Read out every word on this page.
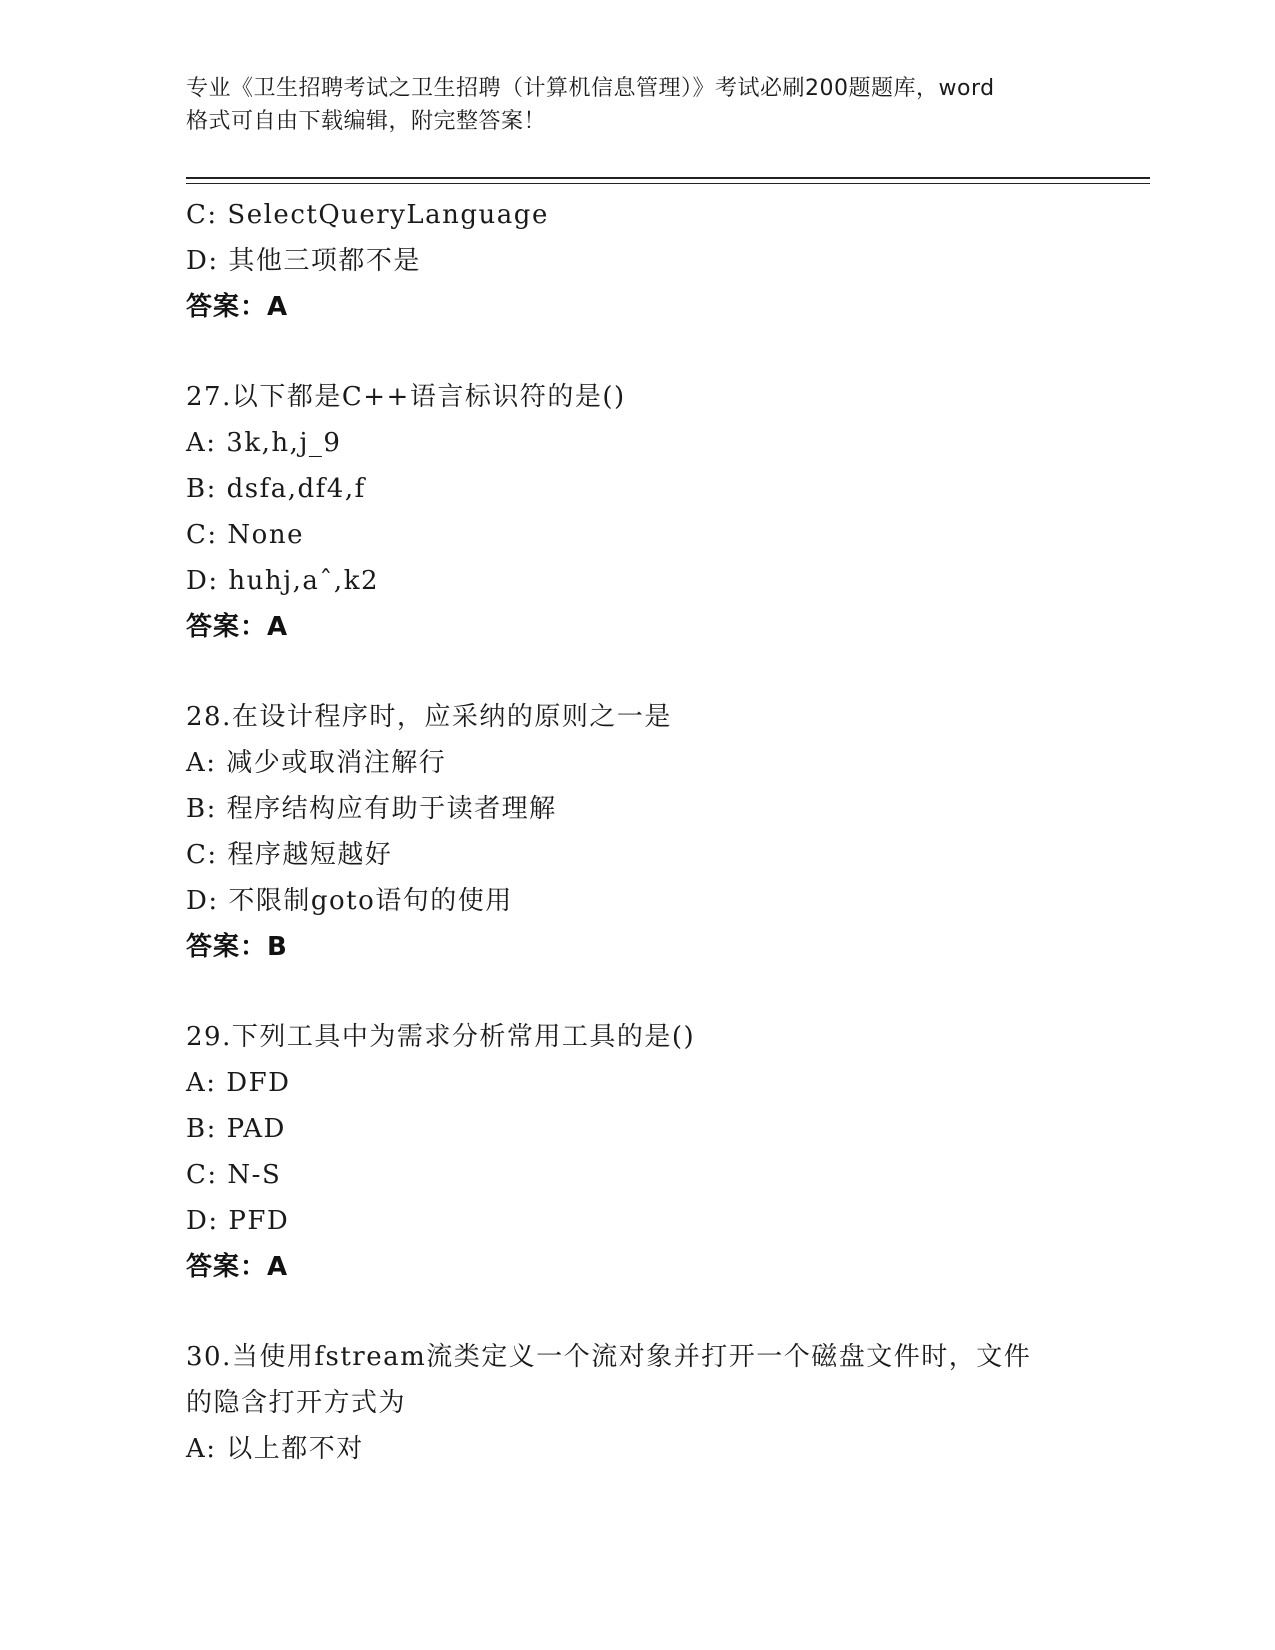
专业《卫生招聘考试之卫生招聘（计算机信息管理）》考试必刷200题题库，word
格式可自由下载编辑，附完整答案！
C: SelectQueryLanguage
D: 其他三项都不是
答案：A
27.以下都是C++语言标识符的是()
A: 3k,h,j_9
B: dsfa,df4,f
C: None
D: huhj,aˆ,k2
答案：A
28.在设计程序时，应采纳的原则之一是
A: 减少或取消注解行
B: 程序结构应有助于读者理解
C: 程序越短越好
D: 不限制goto语句的使用
答案：B
29.下列工具中为需求分析常用工具的是()
A: DFD
B: PAD
C: N-S
D: PFD
答案：A
30.当使用fstream流类定义一个流对象并打开一个磁盘文件时，文件
的隐含打开方式为
A: 以上都不对
